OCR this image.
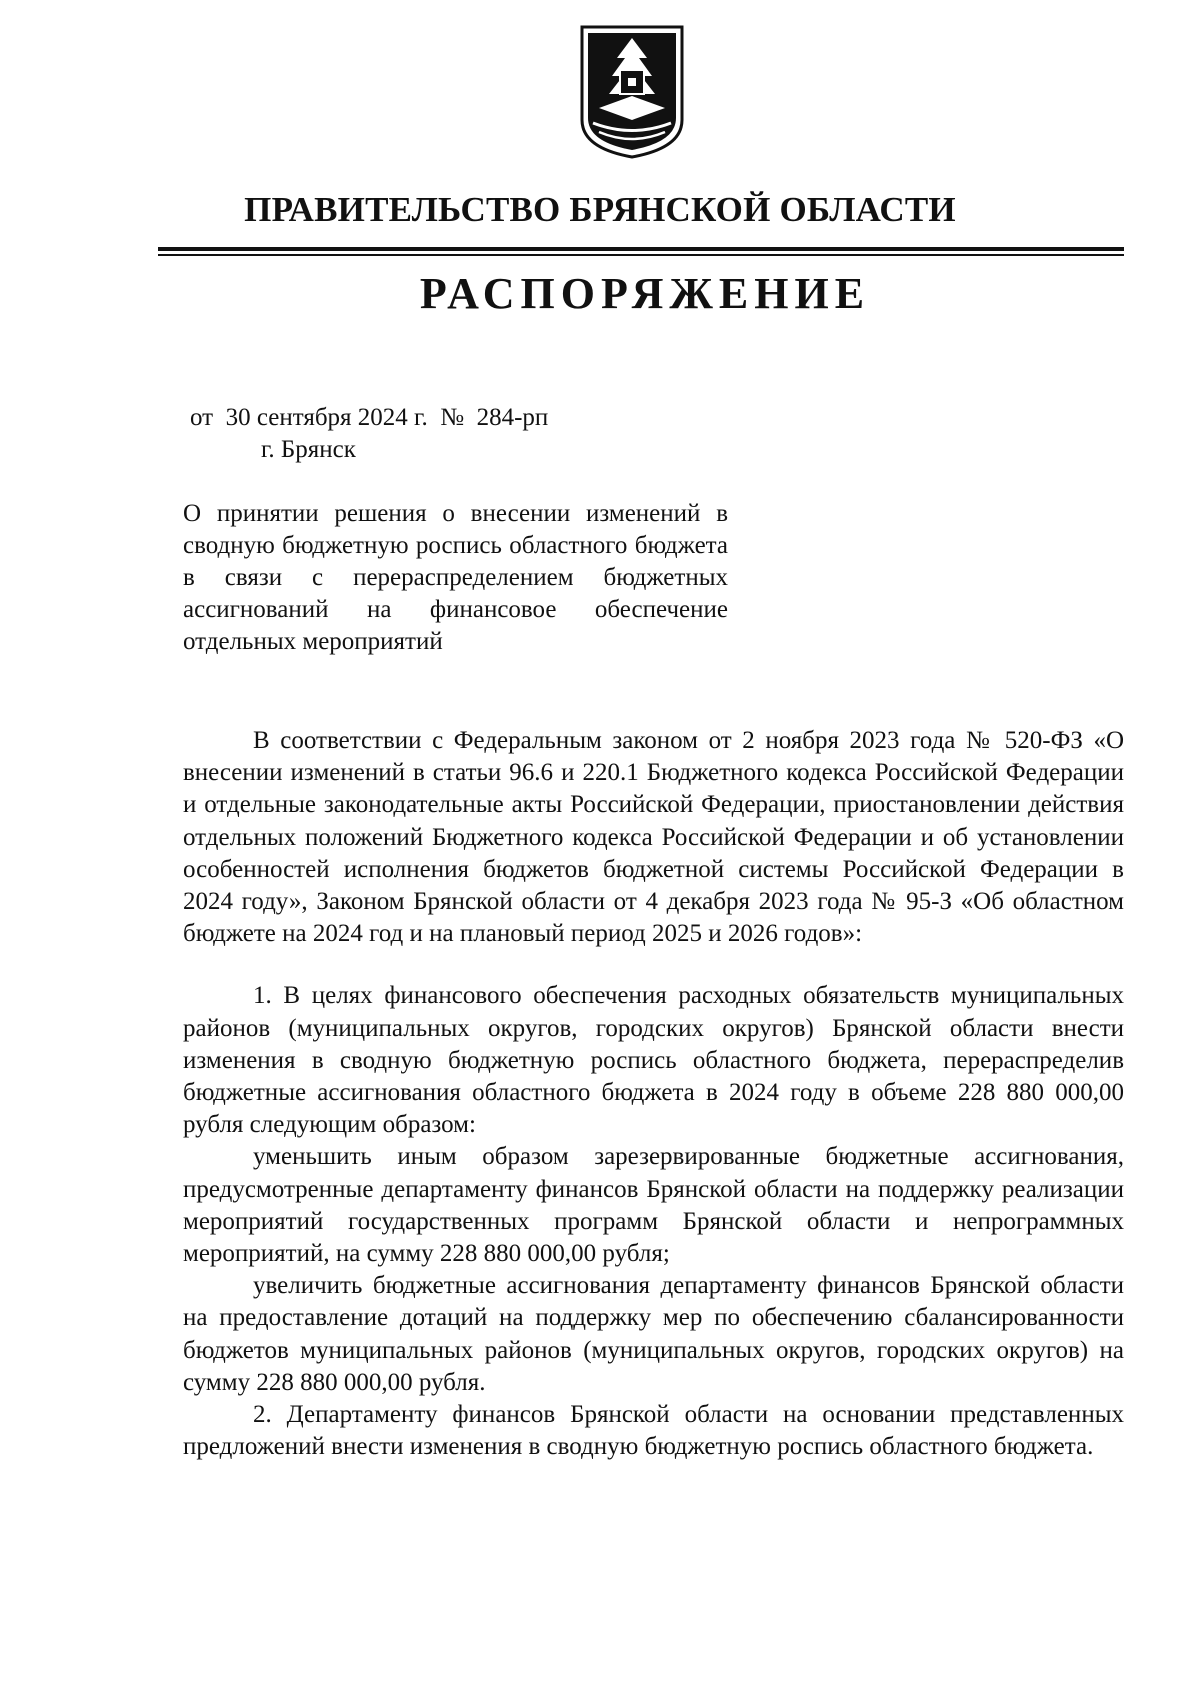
ПРАВИТЕЛЬСТВО БРЯНСКОЙ ОБЛАСТИ
РАСПОРЯЖЕНИЕ

от  30 сентября 2024 г.  №  284-рп

г. Брянск

О принятии решения о внесении изменений в сводную бюджетную роспись областного бюджета в связи с перераспределением бюджетных ассигнований на финансовое обеспечение отдельных мероприятий

В соответствии с Федеральным законом от 2 ноября 2023 года № 520-ФЗ «О внесении изменений в статьи 96.6 и 220.1 Бюджетного кодекса Российской Федерации и отдельные законодательные акты Российской Федерации, приостановлении действия отдельных положений Бюджетного кодекса Российской Федерации и об установлении особенностей исполнения бюджетов бюджетной системы Российской Федерации в 2024 году», Законом Брянской области от 4 декабря 2023 года № 95-З «Об областном бюджете на 2024 год и на плановый период 2025 и 2026 годов»:

1. В целях финансового обеспечения расходных обязательств муниципальных районов (муниципальных округов, городских округов) Брянской области внести изменения в сводную бюджетную роспись областного бюджета, перераспределив бюджетные ассигнования областного бюджета в 2024 году в объеме 228 880 000,00 рубля следующим образом:

уменьшить иным образом зарезервированные бюджетные ассигнования, предусмотренные департаменту финансов Брянской области на поддержку реализации мероприятий государственных программ Брянской области и непрограммных мероприятий, на сумму 228 880 000,00 рубля;

увеличить бюджетные ассигнования департаменту финансов Брянской области на предоставление дотаций на поддержку мер по обеспечению сбалансированности бюджетов муниципальных районов (муниципальных округов, городских округов) на сумму 228 880 000,00 рубля.

2. Департаменту финансов Брянской области на основании представленных предложений внести изменения в сводную бюджетную роспись областного бюджета.
